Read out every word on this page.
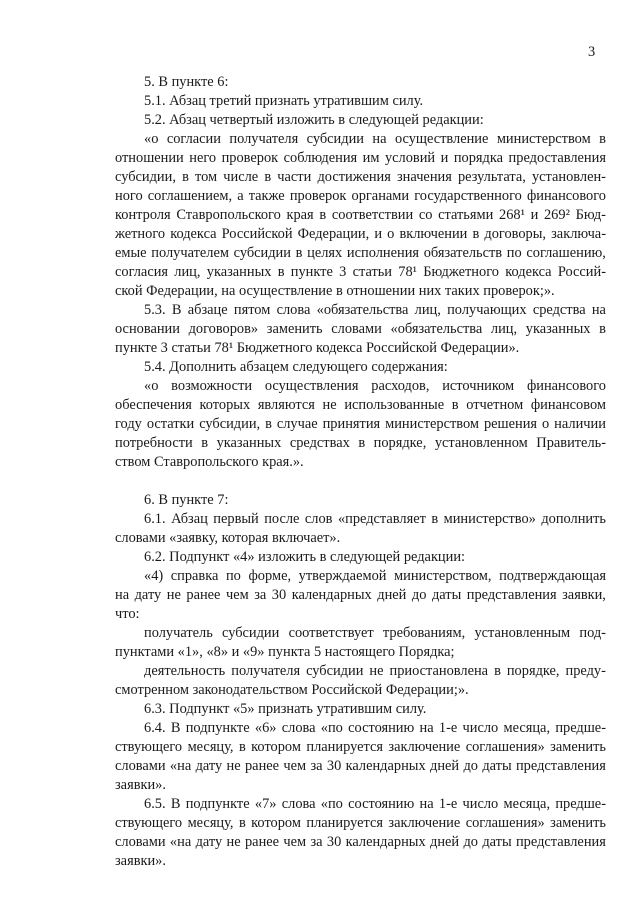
3
5. В пункте 6:
5.1. Абзац третий признать утратившим силу.
5.2. Абзац четвертый изложить в следующей редакции:
«о согласии получателя субсидии на осуществление министерством в
отношении него проверок соблюдения им условий и порядка предоставления
субсидии, в том числе в части достижения значения результата, установлен-
ного соглашением, а также проверок органами государственного финансового
контроля Ставропольского края в соответствии со статьями 268¹ и 269² Бюд-
жетного кодекса Российской Федерации, и о включении в договоры, заключа-
емые получателем субсидии в целях исполнения обязательств по соглашению,
согласия лиц, указанных в пункте 3 статьи 78¹ Бюджетного кодекса Россий-
ской Федерации, на осуществление в отношении них таких проверок;».
5.3. В абзаце пятом слова «обязательства лиц, получающих средства на
основании договоров» заменить словами «обязательства лиц, указанных в
пункте 3 статьи 78¹ Бюджетного кодекса Российской Федерации».
5.4. Дополнить абзацем следующего содержания:
«о возможности осуществления расходов, источником финансового
обеспечения которых являются не использованные в отчетном финансовом
году остатки субсидии, в случае принятия министерством решения о наличии
потребности в указанных средствах в порядке, установленном Правитель-
ством Ставропольского края.».
6. В пункте 7:
6.1. Абзац первый после слов «представляет в министерство» дополнить
словами «заявку, которая включает».
6.2. Подпункт «4» изложить в следующей редакции:
«4) справка по форме, утверждаемой министерством, подтверждающая
на дату не ранее чем за 30 календарных дней до даты представления заявки,
что:
получатель субсидии соответствует требованиям, установленным под-
пунктами «1», «8» и «9» пункта 5 настоящего Порядка;
деятельность получателя субсидии не приостановлена в порядке, преду-
смотренном законодательством Российской Федерации;».
6.3. Подпункт «5» признать утратившим силу.
6.4. В подпункте «6» слова «по состоянию на 1-е число месяца, предше-
ствующего месяцу, в котором планируется заключение соглашения» заменить
словами «на дату не ранее чем за 30 календарных дней до даты представления
заявки».
6.5. В подпункте «7» слова «по состоянию на 1-е число месяца, предше-
ствующего месяцу, в котором планируется заключение соглашения» заменить
словами «на дату не ранее чем за 30 календарных дней до даты представления
заявки».
